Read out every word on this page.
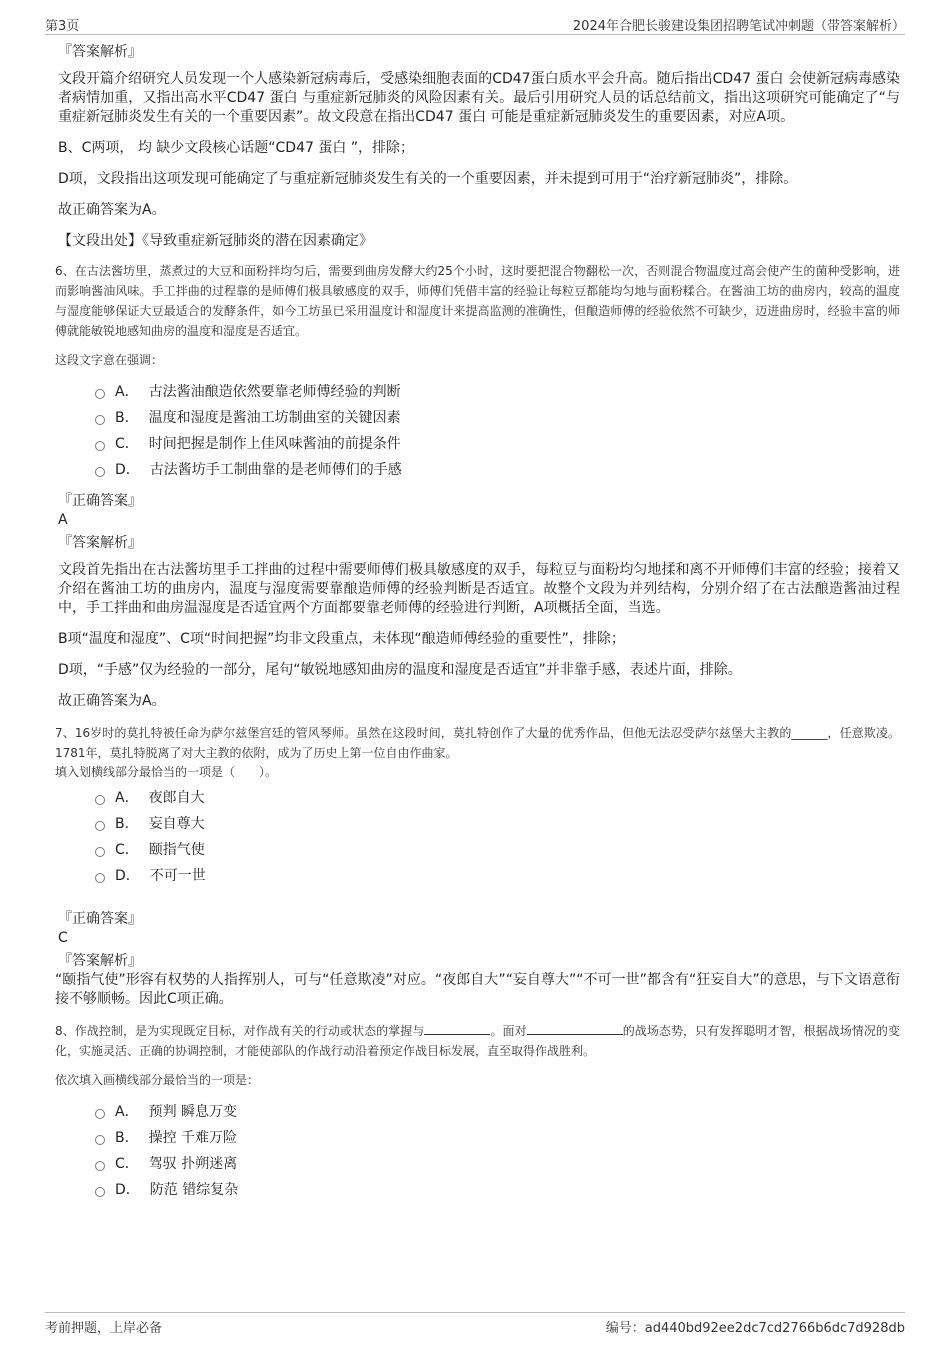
第3页	2024年合肥长骏建设集团招聘笔试冲刺题（带答案解析）
『答案解析』

文段开篇介绍研究人员发现一个人感染新冠病毒后，受感染细胞表面的CD47蛋白质水平会升高。随后指出CD47 蛋白 会使新冠病毒感染者病情加重，又指出高水平CD47 蛋白 与重症新冠肺炎的风险因素有关。最后引用研究人员的话总结前文，指出这项研究可能确定了“与重症新冠肺炎发生有关的一个重要因素”。故文段意在指出CD47 蛋白 可能是重症新冠肺炎发生的重要因素，对应A项。

B、C两项， 均 缺少文段核心话题“CD47 蛋白 ”，排除；

D项，文段指出这项发现可能确定了与重症新冠肺炎发生有关的一个重要因素，并未提到可用于“治疗新冠肺炎”，排除。

故正确答案为A。

【文段出处】《导致重症新冠肺炎的潜在因素确定》

6、在古法酱坊里，蒸煮过的大豆和面粉拌均匀后，需要到曲房发酵大约25个小时，这时要把混合物翻松一次，否则混合物温度过高会使产生的菌种受影响，进而影响酱油风味。手工拌曲的过程靠的是师傅们极具敏感度的双手，师傅们凭借丰富的经验让每粒豆都能均匀地与面粉糅合。在酱油工坊的曲房内，较高的温度与湿度能够保证大豆最适合的发酵条件，如今工坊虽已采用温度计和湿度计来提高监测的准确性，但酿造师傅的经验依然不可缺少，迈进曲房时，经验丰富的师傅就能敏锐地感知曲房的温度和湿度是否适宜。

这段文字意在强调：

A． 古法酱油酿造依然要靠老师傅经验的判断
B． 温度和湿度是酱油工坊制曲室的关键因素
C． 时间把握是制作上佳风味酱油的前提条件
D． 古法酱坊手工制曲靠的是老师傅们的手感
『正确答案』
A
『答案解析』

文段首先指出在古法酱坊里手工拌曲的过程中需要师傅们极具敏感度的双手，每粒豆与面粉均匀地揉和离不开师傅们丰富的经验；接着又介绍在酱油工坊的曲房内，温度与湿度需要靠酿造师傅的经验判断是否适宜。故整个文段为并列结构，分别介绍了在古法酿造酱油过程中，手工拌曲和曲房温湿度是否适宜两个方面都要靠老师傅的经验进行判断，A项概括全面，当选。

B项“温度和湿度”、C项“时间把握”均非文段重点，未体现“酿造师傅经验的重要性”，排除；

D项，“手感”仅为经验的一部分，尾句“敏锐地感知曲房的温度和湿度是否适宜”并非靠手感，表述片面，排除。

故正确答案为A。

7、16岁时的莫扎特被任命为萨尔兹堡宫廷的管风琴师。虽然在这段时间，莫扎特创作了大量的优秀作品，但他无法忍受萨尔兹堡大主教的______，任意欺凌。1781年，莫扎特脱离了对大主教的依附，成为了历史上第一位自由作曲家。

填入划横线部分最恰当的一项是（　　）。

A． 夜郎自大
B． 妄自尊大
C． 颐指气使
D． 不可一世
『正确答案』
C
『答案解析』

“颐指气使”形容有权势的人指挥别人，可与“任意欺凌”对应。“夜郎自大”“妄自尊大”“不可一世”都含有“狂妄自大”的意思，与下文语意衔接不够顺畅。因此C项正确。

8、作战控制，是为实现既定目标，对作战有关的行动或状态的掌握与	。面对	的战场态势，只有发挥聪明才智，根据战场情况的变化，实施灵活、正确的协调控制，才能使部队的作战行动沿着预定作战目标发展，直至取得作战胜利。

依次填入画横线部分最恰当的一项是：

A． 预判 瞬息万变
B． 操控 千难万险
C． 驾驭 扑朔迷离
D． 防范 错综复杂
考前押题，上岸必备	编号：ad440bd92ee2dc7cd2766b6dc7d928db
